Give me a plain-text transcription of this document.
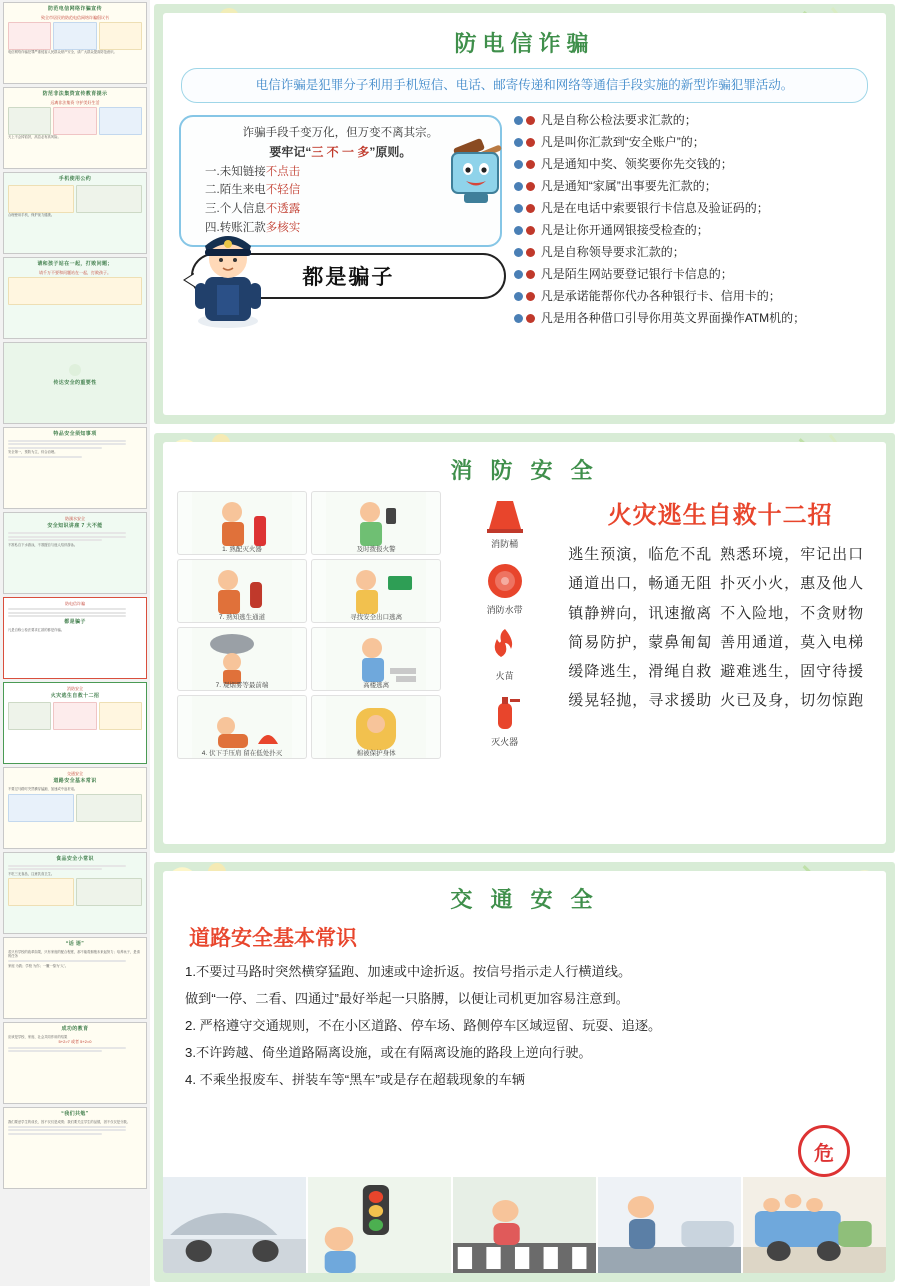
防范电信网络诈骗宣传
致全市居民的防范电信网络诈骗倡议书
电信网络诈骗犯罪严重侵害人民群众财产安全，请广大群众提高防范意识。
防范非法集资宣传教育提示
远离非法集资 守护美好生活
天上不会掉馅饼，高息必有高风险。
手机使用公约
合理使用手机，保护视力健康。
请和孩子站在一起，打败问题；
请千万不要和问题站在一起，打败孩子。
传达安全的重要性
特品安全须知事项
安全第一，预防为主，综合治理。
防溺水安全
安全知识讲座 7 大不能
不准私自下水游泳，不准擅自与他人结伴游泳。
防电信诈骗
都是骗子
凡是自称公检法要求汇款的都是诈骗。
消防安全
火灾逃生自救十二招
交通安全
道路安全基本常识
不要过马路时突然横穿猛跑、加速或中途折返。
食品安全小常识
不吃三无食品，注意饮食卫生。
“话 语”
若只有学校的改革如果，只有家庭的配合程度，那不能将拥抱未来起努力；培养孩子，是请的任务
家庭 为我；学校 为你；一撇一捺为“人”。
成功的教育
应该是学校、家庭、社会共同作用的结果
5+2>7 或者 5+2=0
“我们共勉”
我们要爱学生的成长，因不仅仅是成绩；我们要关注学生的品德，因不仅仅是分数。
防电信诈骗
电信诈骗是犯罪分子利用手机短信、电话、邮寄传递和网络等通信手段实施的新型诈骗犯罪活动。
诈骗手段千变万化，但万变不离其宗。
要牢记“三 不 一 多”原则。
一.未知链接不点击
二.陌生来电不轻信
三.个人信息不透露
四.转账汇款多核实
都是骗子
凡是自称公检法要求汇款的；
凡是叫你汇款到“安全账户”的；
凡是通知中奖、领奖要你先交钱的；
凡是通知“家属”出事要先汇款的；
凡是在电话中索要银行卡信息及验证码的；
凡是让你开通网银接受检查的；
凡是自称领导要求汇款的；
凡是陌生网站要登记银行卡信息的；
凡是承诺能帮你代办各种银行卡、信用卡的；
凡是用各种借口引导你用英文界面操作ATM机的；
消 防 安 全
1. 熟配灭火器	及时拨报火警
7. 熟知逃生通道	寻找安全出口逃离
7. 观烟雾等最前端	高楼逃离
4. 伏下手压肩 留在低处扑灭	棉被保护身体
消防桶
消防水带
火苗
灭火器
火灾逃生自救十二招
逃生预演，临危不乱 熟悉环境，牢记出口
通道出口，畅通无阻 扑灭小火，惠及他人
镇静辨向，讯速撤离 不入险地，不贪财物
简易防护，蒙鼻匍匐 善用通道，莫入电梯
缓降逃生，滑绳自救 避难逃生，固守待援
缓晃轻抛，寻求援助 火已及身，切勿惊跑
交 通 安 全
道路安全基本常识
1.不要过马路时突然横穿猛跑、加速或中途折返。按信号指示走人行横道线。
做到“一停、二看、四通过”最好举起一只胳膊，以便让司机更加容易注意到。
2. 严格遵守交通规则，不在小区道路、停车场、路侧停车区域逗留、玩耍、追逐。
3.不许跨越、倚坐道路隔离设施，或在有隔离设施的路段上逆向行驶。
4. 不乘坐报废车、拼装车等“黑车”或是存在超载现象的车辆
危
